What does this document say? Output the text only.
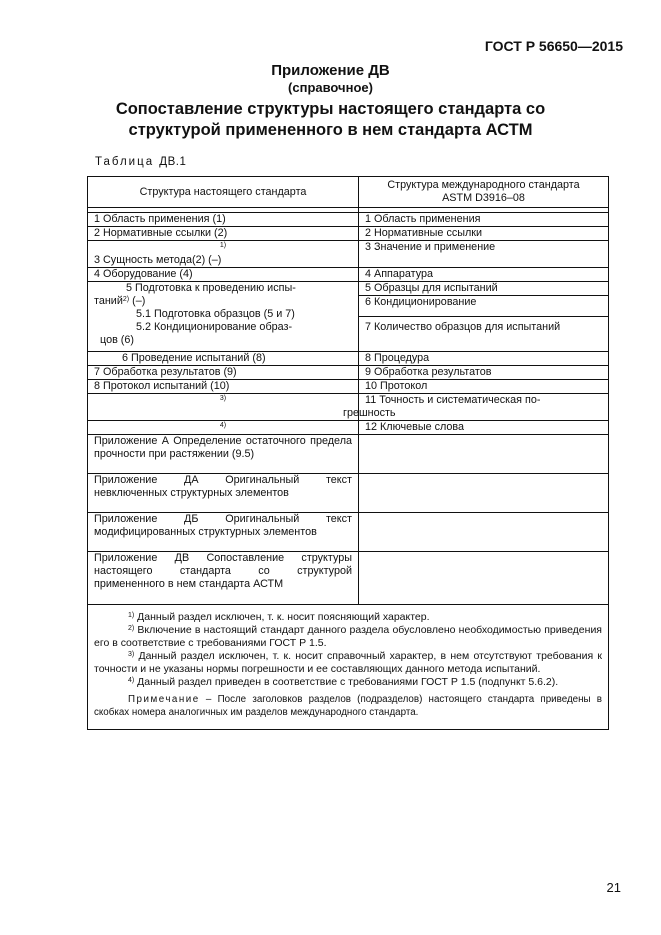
ГОСТ Р 56650—2015
Приложение ДВ
(справочное)
Сопоставление структуры настоящего стандарта со
структурой примененного в нем стандарта АСТМ
Таблица ДВ.1
Структура настоящего стандарта	Структура международного стандарта
ASTM D3916–08

1 Область применения (1)	1 Область применения
2 Нормативные ссылки (2)	2 Нормативные ссылки

1)
3 Сущность метода(2) (–)	3 Значение и применение
4 Оборудование (4)	4 Аппаратура

5 Подготовка к проведению испы-
таний$^{2)}$ (–)
5.1 Подготовка образцов (5 и 7)
5.2 Кондиционирование образ-
цов (6)	5 Образцы для испытаний
	6 Кондиционирование
	7 Количество образцов для испытаний
6 Проведение испытаний (8)	8 Процедура
7 Обработка результатов (9)	9 Обработка результатов
8 Протокол испытаний (10)	10 Протокол

3)	11 Точность и систематическая по-
грешность

4)	12 Ключевые слова
Приложение А Определение остаточного предела прочности при растяжении (9.5)	
Приложение ДА Оригинальный текст невключенных структурных элементов	
Приложение ДБ Оригинальный текст модифицированных структурных элементов	
Приложение ДВ Сопоставление структуры настоящего стандарта со структурой примененного в нем стандарта АСТМ	

$^{1)}$ Данный раздел исключен, т. к. носит поясняющий характер.

$^{2)}$ Включение в настоящий стандарт данного раздела обусловлено необходимостью приведения его в соответствие с требованиями ГОСТ Р 1.5.

$^{3)}$ Данный раздел исключен, т. к. носит справочный характер, в нем отсутствуют требования к точности и не указаны нормы погрешности и ее составляющих данного метода испытаний.

$^{4)}$ Данный раздел приведен в соответствие с требованиями ГОСТ Р 1.5 (подпункт 5.6.2).

Примечание – После заголовков разделов (подразделов) настоящего стандарта приведены в скобках номера аналогичных им разделов международного стандарта.	

21
